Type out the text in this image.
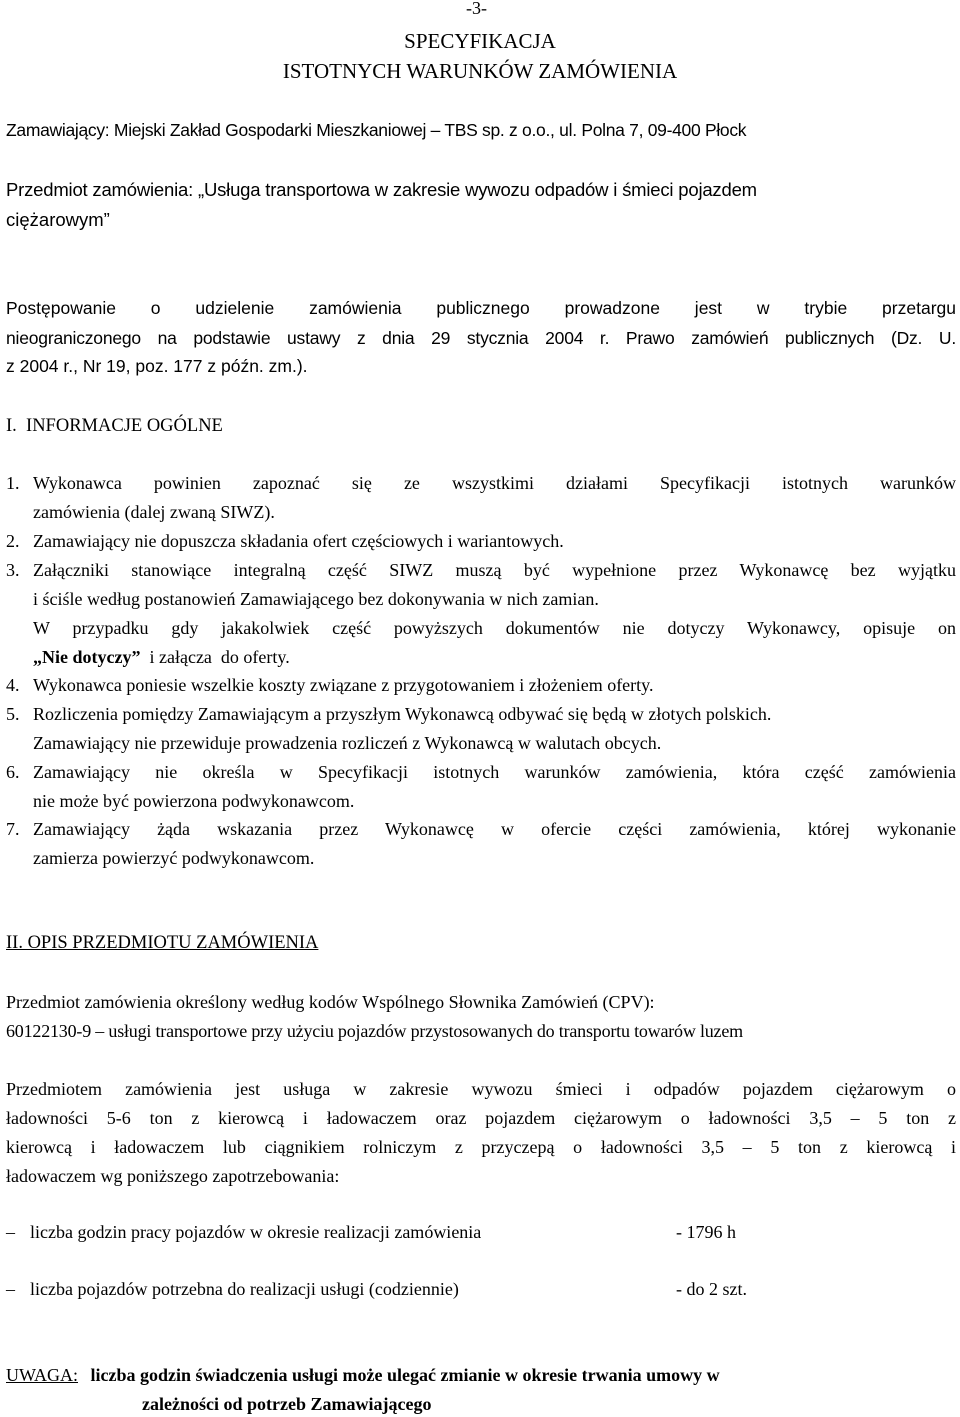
-3-

SPECYFIKACJA

ISTOTNYCH WARUNKÓW ZAMÓWIENIA

Zamawiający: Miejski Zakład Gospodarki Mieszkaniowej – TBS sp. z o.o., ul. Polna 7, 09-400 Płock

Przedmiot zamówienia: „Usługa transportowa w zakresie wywozu odpadów i śmieci pojazdem

ciężarowym”

Postępowanie o udzielenie zamówienia publicznego prowadzone jest w trybie przetargu

nieograniczonego na podstawie ustawy z dnia 29 stycznia 2004 r. Prawo zamówień publicznych (Dz. U.

z 2004 r., Nr 19, poz. 177 z późn. zm.).

I.  INFORMACJE OGÓLNE

1. Wykonawca powinien zapoznać się ze wszystkimi działami Specyfikacji istotnych warunków

zamówienia (dalej zwaną SIWZ).

2. Zamawiający nie dopuszcza składania ofert częściowych i wariantowych.

3. Załączniki stanowiące integralną część SIWZ muszą być wypełnione przez Wykonawcę bez wyjątku

i ściśle według postanowień Zamawiającego bez dokonywania w nich zamian.

W przypadku gdy jakakolwiek część powyższych dokumentów nie dotyczy Wykonawcy, opisuje on

„Nie dotyczy”  i załącza  do oferty.

4. Wykonawca poniesie wszelkie koszty związane z przygotowaniem i złożeniem oferty.

5. Rozliczenia pomiędzy Zamawiającym a przyszłym Wykonawcą odbywać się będą w złotych polskich.

Zamawiający nie przewiduje prowadzenia rozliczeń z Wykonawcą w walutach obcych.

6. Zamawiający nie określa w Specyfikacji istotnych warunków zamówienia, która część zamówienia

nie może być powierzona podwykonawcom.

7. Zamawiający żąda wskazania przez Wykonawcę w ofercie części zamówienia, której wykonanie

zamierza powierzyć podwykonawcom.

II. OPIS PRZEDMIOTU ZAMÓWIENIA

Przedmiot zamówienia określony według kodów Wspólnego Słownika Zamówień (CPV):

60122130-9 – usługi transportowe przy użyciu pojazdów przystosowanych do transportu towarów luzem

Przedmiotem zamówienia jest usługa w zakresie wywozu śmieci i odpadów pojazdem ciężarowym o

ładowności 5-6 ton z kierowcą i ładowaczem oraz pojazdem ciężarowym o ładowności 3,5 – 5 ton z

kierowcą i ładowaczem lub ciągnikiem rolniczym z przyczepą o ładowności 3,5 – 5 ton z kierowcą i

ładowaczem wg poniższego zapotrzebowania:

– liczba godzin pracy pojazdów w okresie realizacji zamówienia	- 1796 h
– liczba pojazdów potrzebna do realizacji usługi (codziennie)	- do 2 szt.

UWAGA: liczba godzin świadczenia usługi może ulegać zmianie w okresie trwania umowy w

zależności od potrzeb Zamawiającego
